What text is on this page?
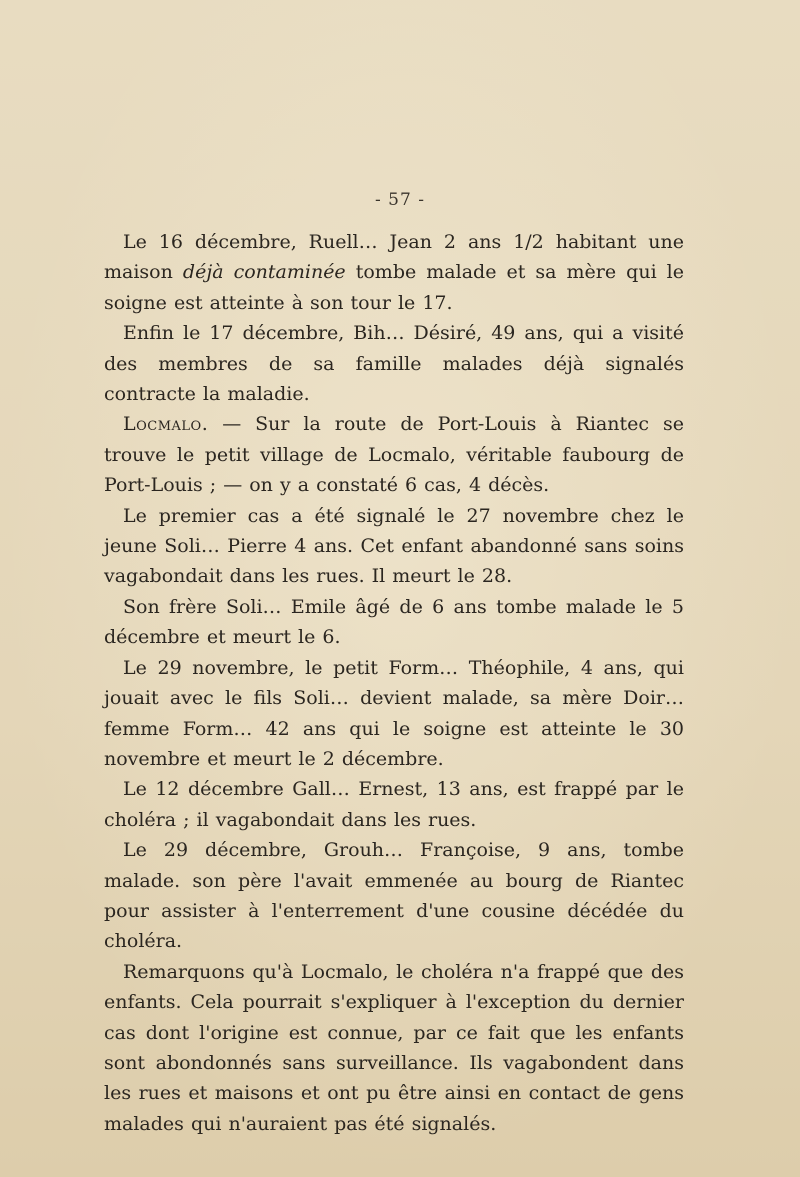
- 57 -

Le 16 décembre, Ruell… Jean 2 ans 1/2 habitant une maison déjà contaminée tombe malade et sa mère qui le soigne est atteinte à son tour le 17.

Enfin le 17 décembre, Bih… Désiré, 49 ans, qui a visité des membres de sa famille malades déjà signalés contracte la maladie.

Locmalo. — Sur la route de Port-Louis à Riantec se trouve le petit village de Locmalo, véritable faubourg de Port-Louis ; — on y a constaté 6 cas, 4 décès.

Le premier cas a été signalé le 27 novembre chez le jeune Soli… Pierre 4 ans. Cet enfant abandonné sans soins vagabondait dans les rues. Il meurt le 28.

Son frère Soli… Emile âgé de 6 ans tombe malade le 5 décembre et meurt le 6.

Le 29 novembre, le petit Form… Théophile, 4 ans, qui jouait avec le fils Soli… devient malade, sa mère Doir… femme Form… 42 ans qui le soigne est atteinte le 30 novembre et meurt le 2 décembre.

Le 12 décembre Gall… Ernest, 13 ans, est frappé par le choléra ; il vagabondait dans les rues.

Le 29 décembre, Grouh… Françoise, 9 ans, tombe malade. son père l'avait emmenée au bourg de Riantec pour assister à l'enterrement d'une cousine décédée du choléra.

Remarquons qu'à Locmalo, le choléra n'a frappé que des enfants. Cela pourrait s'expliquer à l'exception du dernier cas dont l'origine est connue, par ce fait que les enfants sont abondonnés sans surveillance. Ils vagabondent dans les rues et maisons et ont pu être ainsi en contact de gens malades qui n'auraient pas été signalés.
